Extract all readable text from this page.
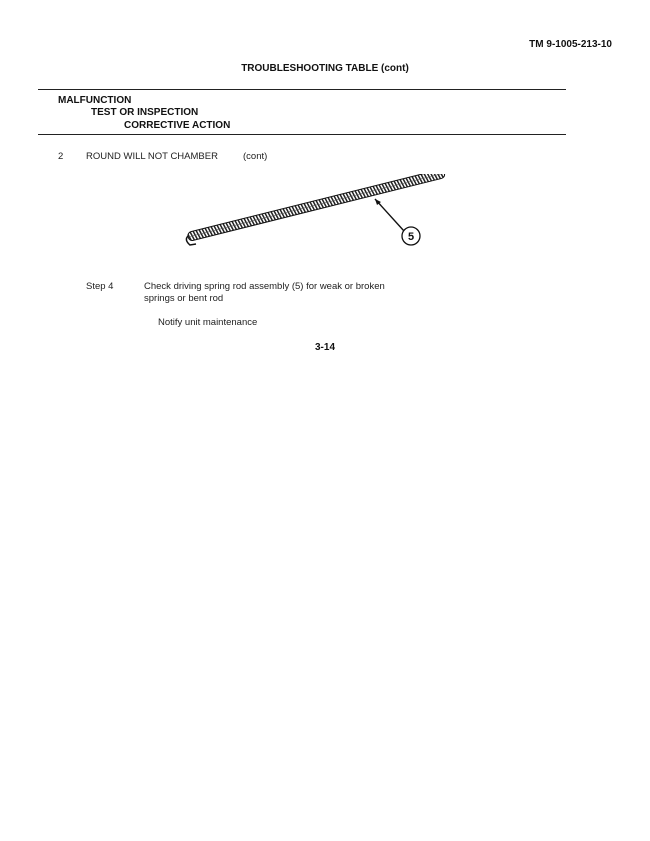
TM 9-1005-213-10
TROUBLESHOOTING TABLE (cont)
MALFUNCTION
TEST OR INSPECTION
CORRECTIVE ACTION
2 ROUND WILL NOT CHAMBER	(cont)
5
Step 4	Check driving spring rod assembly (5) for weak or broken
springs or bent rod
Notify unit maintenance
3-14
